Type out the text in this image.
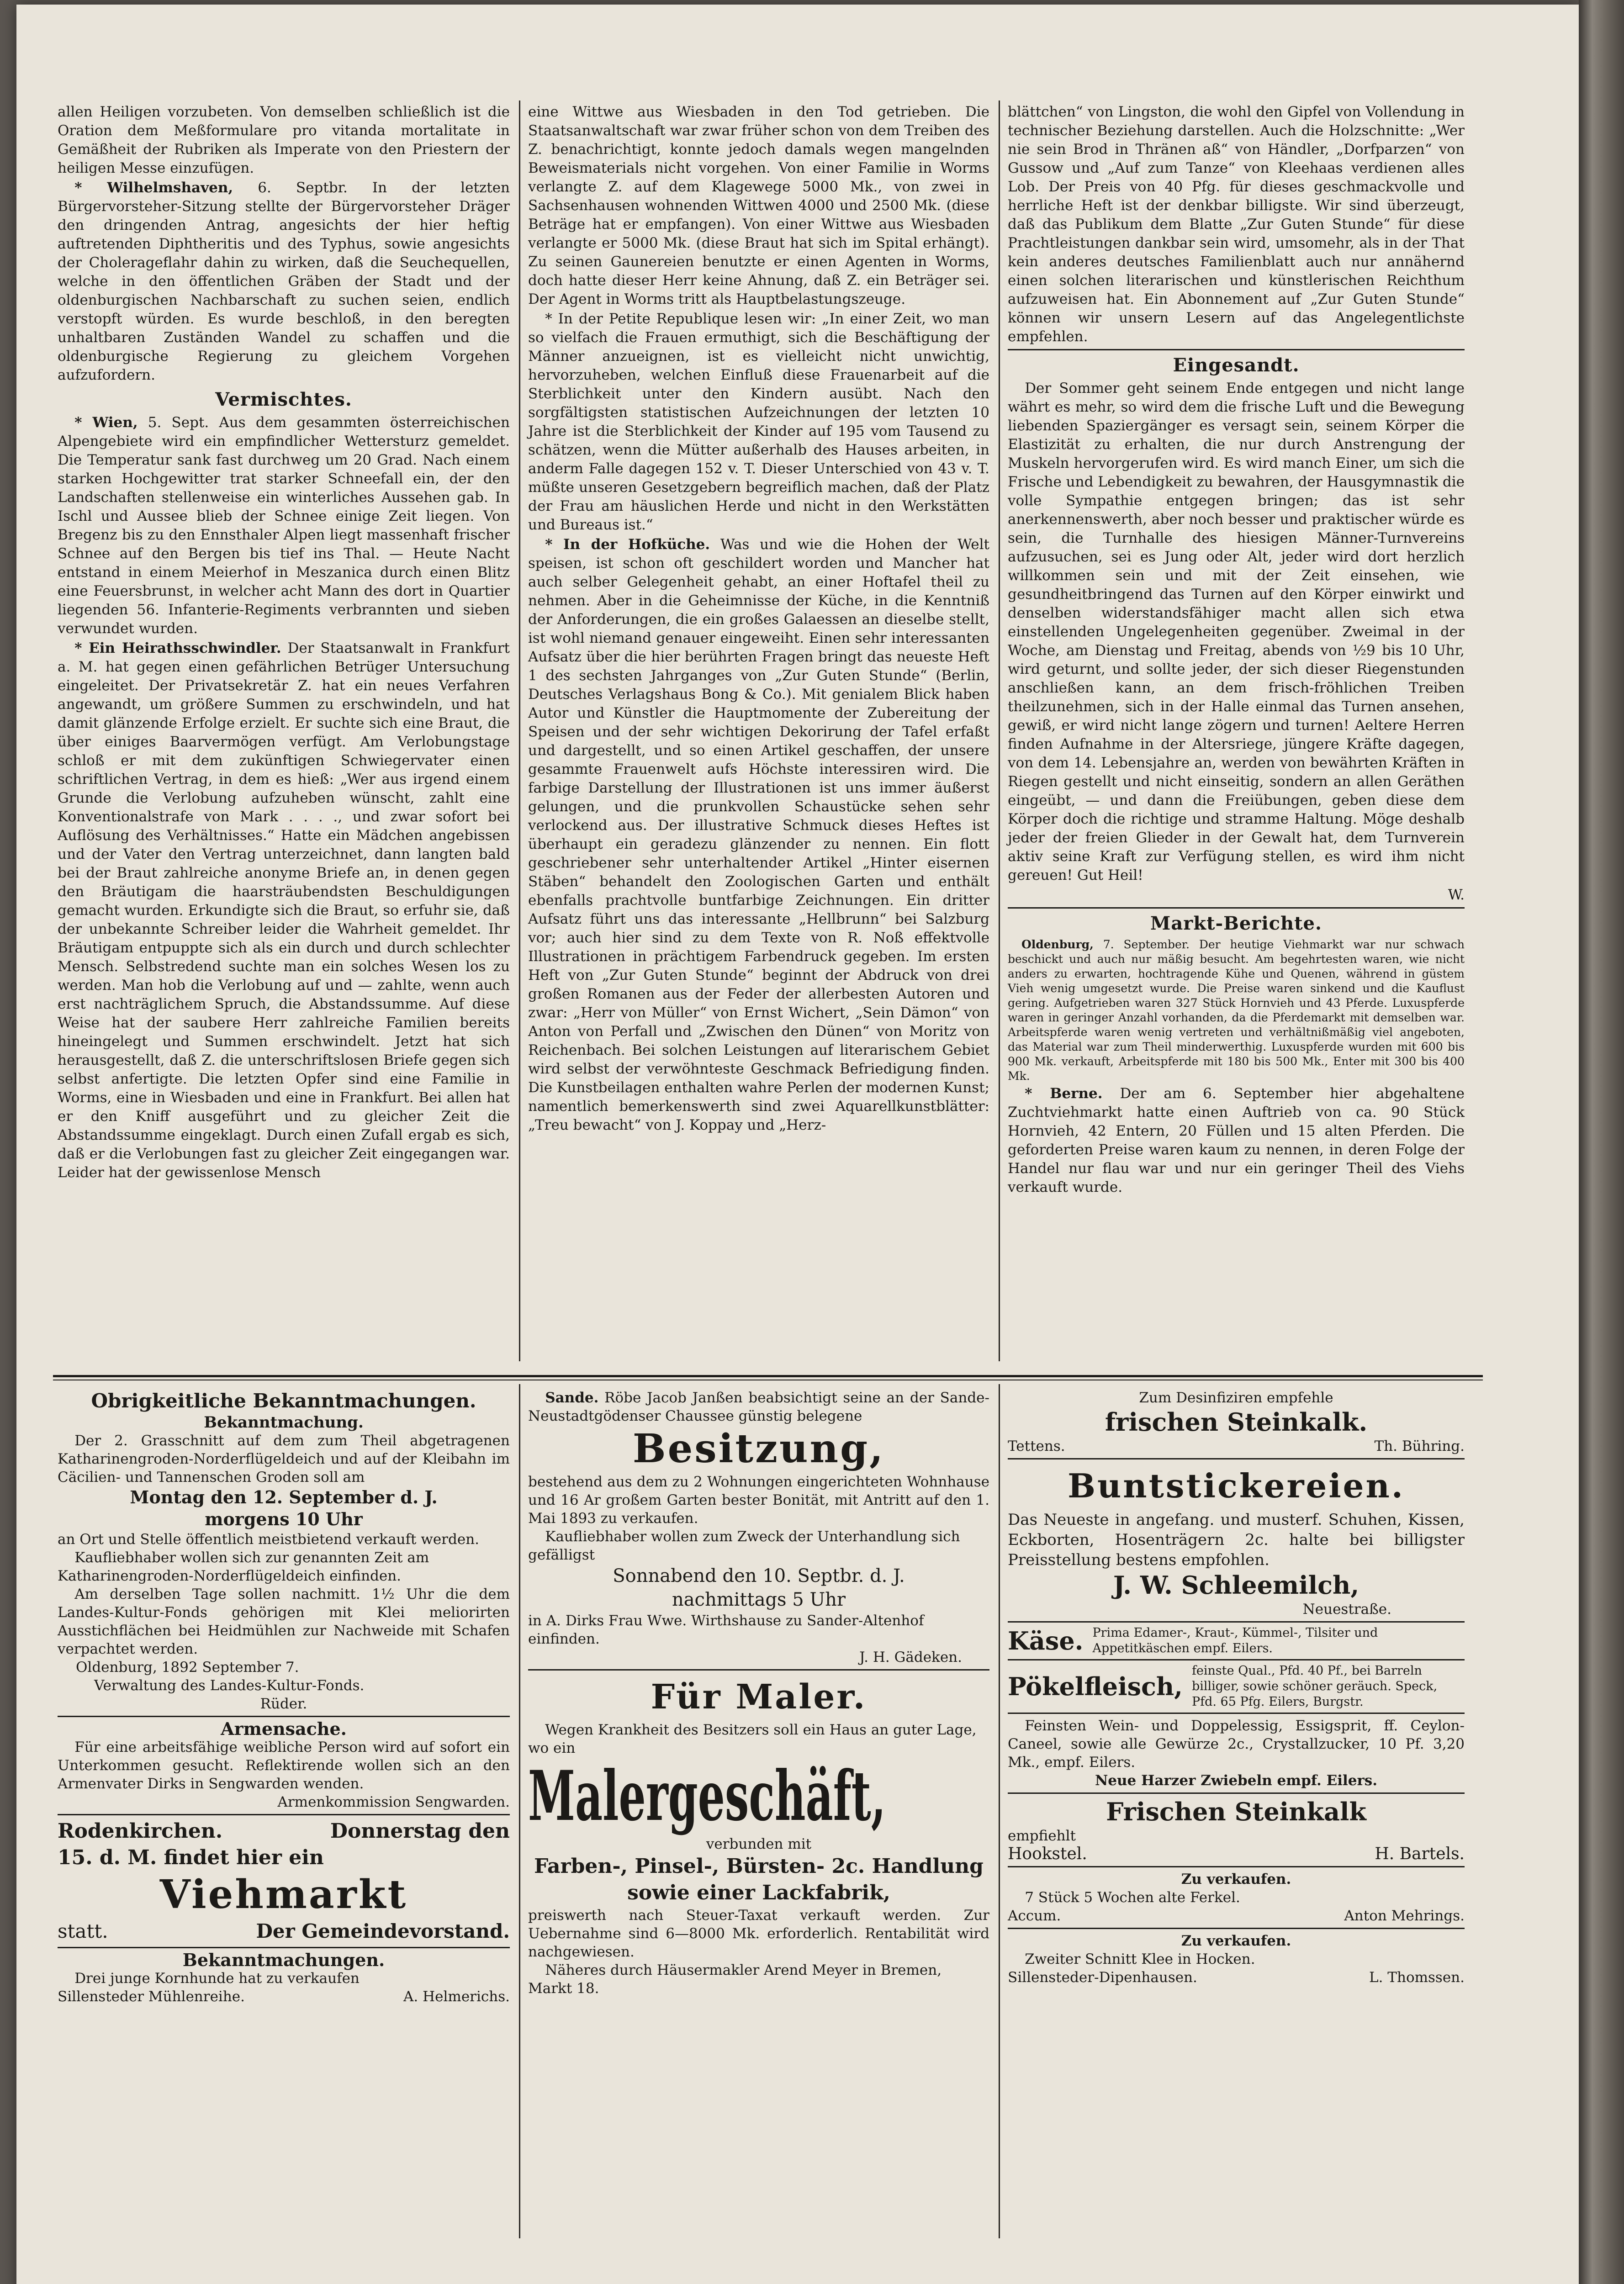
allen Heiligen vorzubeten. Von demselben schließlich ist die Oration dem Meßformulare pro vitanda mortalitate in Gemäßheit der Rubriken als Imperate von den Priestern der heiligen Messe einzufügen.

* Wilhelmshaven, 6. Septbr. In der letzten Bürgervorsteher-Sitzung stellte der Bürgervorsteher Dräger den dringenden Antrag, angesichts der hier heftig auftretenden Diphtheritis und des Typhus, sowie angesichts der Cholerageflahr dahin zu wirken, daß die Seuchequellen, welche in den öffentlichen Gräben der Stadt und der oldenburgischen Nachbarschaft zu suchen seien, endlich verstopft würden. Es wurde beschloß, in den beregten unhaltbaren Zuständen Wandel zu schaffen und die oldenburgische Regierung zu gleichem Vorgehen aufzufordern.

Vermischtes.

* Wien, 5. Sept. Aus dem gesammten österreichischen Alpengebiete wird ein empfindlicher Wettersturz gemeldet. Die Temperatur sank fast durchweg um 20 Grad. Nach einem starken Hochgewitter trat starker Schneefall ein, der den Landschaften stellenweise ein winterliches Aussehen gab. In Ischl und Aussee blieb der Schnee einige Zeit liegen. Von Bregenz bis zu den Ennsthaler Alpen liegt massenhaft frischer Schnee auf den Bergen bis tief ins Thal. — Heute Nacht entstand in einem Meierhof in Meszanica durch einen Blitz eine Feuersbrunst, in welcher acht Mann des dort in Quartier liegenden 56. Infanterie-Regiments verbrannten und sieben verwundet wurden.

* Ein Heirathsschwindler. Der Staatsanwalt in Frankfurt a. M. hat gegen einen gefährlichen Betrüger Untersuchung eingeleitet. Der Privatsekretär Z. hat ein neues Verfahren angewandt, um größere Summen zu erschwindeln, und hat damit glänzende Erfolge erzielt. Er suchte sich eine Braut, die über einiges Baarvermögen verfügt. Am Verlobungstage schloß er mit dem zukünftigen Schwiegervater einen schriftlichen Vertrag, in dem es hieß: „Wer aus irgend einem Grunde die Verlobung aufzuheben wünscht, zahlt eine Konventionalstrafe von Mark . . . ., und zwar sofort bei Auflösung des Verhältnisses.“ Hatte ein Mädchen angebissen und der Vater den Vertrag unterzeichnet, dann langten bald bei der Braut zahlreiche anonyme Briefe an, in denen gegen den Bräutigam die haarsträubendsten Beschuldigungen gemacht wurden. Erkundigte sich die Braut, so erfuhr sie, daß der unbekannte Schreiber leider die Wahrheit gemeldet. Ihr Bräutigam entpuppte sich als ein durch und durch schlechter Mensch. Selbstredend suchte man ein solches Wesen los zu werden. Man hob die Verlobung auf und — zahlte, wenn auch erst nachträglichem Spruch, die Abstandssumme. Auf diese Weise hat der saubere Herr zahlreiche Familien bereits hineingelegt und Summen erschwindelt. Jetzt hat sich herausgestellt, daß Z. die unterschriftslosen Briefe gegen sich selbst anfertigte. Die letzten Opfer sind eine Familie in Worms, eine in Wiesbaden und eine in Frankfurt. Bei allen hat er den Kniff ausgeführt und zu gleicher Zeit die Abstandssumme eingeklagt. Durch einen Zufall ergab es sich, daß er die Verlobungen fast zu gleicher Zeit eingegangen war. Leider hat der gewissenlose Mensch

eine Wittwe aus Wiesbaden in den Tod getrieben. Die Staatsanwaltschaft war zwar früher schon von dem Treiben des Z. benachrichtigt, konnte jedoch damals wegen mangelnden Beweismaterials nicht vorgehen. Von einer Familie in Worms verlangte Z. auf dem Klagewege 5000 Mk., von zwei in Sachsenhausen wohnenden Wittwen 4000 und 2500 Mk. (diese Beträge hat er empfangen). Von einer Wittwe aus Wiesbaden verlangte er 5000 Mk. (diese Braut hat sich im Spital erhängt). Zu seinen Gaunereien benutzte er einen Agenten in Worms, doch hatte dieser Herr keine Ahnung, daß Z. ein Beträger sei. Der Agent in Worms tritt als Hauptbelastungszeuge.

* In der Petite Republique lesen wir: „In einer Zeit, wo man so vielfach die Frauen ermuthigt, sich die Beschäftigung der Männer anzueignen, ist es vielleicht nicht unwichtig, hervorzuheben, welchen Einfluß diese Frauenarbeit auf die Sterblichkeit unter den Kindern ausübt. Nach den sorgfältigsten statistischen Aufzeichnungen der letzten 10 Jahre ist die Sterblichkeit der Kinder auf 195 vom Tausend zu schätzen, wenn die Mütter außerhalb des Hauses arbeiten, in anderm Falle dagegen 152 v. T. Dieser Unterschied von 43 v. T. müßte unseren Gesetzgebern begreiflich machen, daß der Platz der Frau am häuslichen Herde und nicht in den Werkstätten und Bureaus ist.“

* In der Hofküche. Was und wie die Hohen der Welt speisen, ist schon oft geschildert worden und Mancher hat auch selber Gelegenheit gehabt, an einer Hoftafel theil zu nehmen. Aber in die Geheimnisse der Küche, in die Kenntniß der Anforderungen, die ein großes Galaessen an dieselbe stellt, ist wohl niemand genauer eingeweiht. Einen sehr interessanten Aufsatz über die hier berührten Fragen bringt das neueste Heft 1 des sechsten Jahrganges von „Zur Guten Stunde“ (Berlin, Deutsches Verlagshaus Bong & Co.). Mit genialem Blick haben Autor und Künstler die Hauptmomente der Zubereitung der Speisen und der sehr wichtigen Dekorirung der Tafel erfaßt und dargestellt, und so einen Artikel geschaffen, der unsere gesammte Frauenwelt aufs Höchste interessiren wird. Die farbige Darstellung der Illustrationen ist uns immer äußerst gelungen, und die prunkvollen Schaustücke sehen sehr verlockend aus. Der illustrative Schmuck dieses Heftes ist überhaupt ein geradezu glänzender zu nennen. Ein flott geschriebener sehr unterhaltender Artikel „Hinter eisernen Stäben“ behandelt den Zoologischen Garten und enthält ebenfalls prachtvolle buntfarbige Zeichnungen. Ein dritter Aufsatz führt uns das interessante „Hellbrunn“ bei Salzburg vor; auch hier sind zu dem Texte von R. Noß effektvolle Illustrationen in prächtigem Farbendruck gegeben. Im ersten Heft von „Zur Guten Stunde“ beginnt der Abdruck von drei großen Romanen aus der Feder der allerbesten Autoren und zwar: „Herr von Müller“ von Ernst Wichert, „Sein Dämon“ von Anton von Perfall und „Zwischen den Dünen“ von Moritz von Reichenbach. Bei solchen Leistungen auf literarischem Gebiet wird selbst der verwöhnteste Geschmack Befriedigung finden. Die Kunstbeilagen enthalten wahre Perlen der modernen Kunst; namentlich bemerkenswerth sind zwei Aquarellkunstblätter: „Treu bewacht“ von J. Koppay und „Herz-

blättchen“ von Lingston, die wohl den Gipfel von Vollendung in technischer Beziehung darstellen. Auch die Holzschnitte: „Wer nie sein Brod in Thränen aß“ von Händler, „Dorfparzen“ von Gussow und „Auf zum Tanze“ von Kleehaas verdienen alles Lob. Der Preis von 40 Pfg. für dieses geschmackvolle und herrliche Heft ist der denkbar billigste. Wir sind überzeugt, daß das Publikum dem Blatte „Zur Guten Stunde“ für diese Prachtleistungen dankbar sein wird, umsomehr, als in der That kein anderes deutsches Familienblatt auch nur annähernd einen solchen literarischen und künstlerischen Reichthum aufzuweisen hat. Ein Abonnement auf „Zur Guten Stunde“ können wir unsern Lesern auf das Angelegentlichste empfehlen.

Eingesandt.

Der Sommer geht seinem Ende entgegen und nicht lange währt es mehr, so wird dem die frische Luft und die Bewegung liebenden Spaziergänger es versagt sein, seinem Körper die Elastizität zu erhalten, die nur durch Anstrengung der Muskeln hervorgerufen wird. Es wird manch Einer, um sich die Frische und Lebendigkeit zu bewahren, der Hausgymnastik die volle Sympathie entgegen bringen; das ist sehr anerkennenswerth, aber noch besser und praktischer würde es sein, die Turnhalle des hiesigen Männer-Turnvereins aufzusuchen, sei es Jung oder Alt, jeder wird dort herzlich willkommen sein und mit der Zeit einsehen, wie gesundheitbringend das Turnen auf den Körper einwirkt und denselben widerstandsfähiger macht allen sich etwa einstellenden Ungelegenheiten gegenüber. Zweimal in der Woche, am Dienstag und Freitag, abends von ½9 bis 10 Uhr, wird geturnt, und sollte jeder, der sich dieser Riegenstunden anschließen kann, an dem frisch-fröhlichen Treiben theilzunehmen, sich in der Halle einmal das Turnen ansehen, gewiß, er wird nicht lange zögern und turnen! Aeltere Herren finden Aufnahme in der Altersriege, jüngere Kräfte dagegen, von dem 14. Lebensjahre an, werden von bewährten Kräften in Riegen gestellt und nicht einseitig, sondern an allen Geräthen eingeübt, — und dann die Freiübungen, geben diese dem Körper doch die richtige und stramme Haltung. Möge deshalb jeder der freien Glieder in der Gewalt hat, dem Turnverein aktiv seine Kraft zur Verfügung stellen, es wird ihm nicht gereuen! Gut Heil!

W.
Markt-Berichte.

Oldenburg, 7. September. Der heutige Viehmarkt war nur schwach beschickt und auch nur mäßig besucht. Am begehrtesten waren, wie nicht anders zu erwarten, hochtragende Kühe und Quenen, während in güstem Vieh wenig umgesetzt wurde. Die Preise waren sinkend und die Kauflust gering. Aufgetrieben waren 327 Stück Hornvieh und 43 Pferde. Luxuspferde waren in geringer Anzahl vorhanden, da die Pferdemarkt mit demselben war. Arbeitspferde waren wenig vertreten und verhältnißmäßig viel angeboten, das Material war zum Theil minderwerthig. Luxuspferde wurden mit 600 bis 900 Mk. verkauft, Arbeitspferde mit 180 bis 500 Mk., Enter mit 300 bis 400 Mk.

* Berne. Der am 6. September hier abgehaltene Zuchtviehmarkt hatte einen Auftrieb von ca. 90 Stück Hornvieh, 42 Entern, 20 Füllen und 15 alten Pferden. Die geforderten Preise waren kaum zu nennen, in deren Folge der Handel nur flau war und nur ein geringer Theil des Viehs verkauft wurde.

Obrigkeitliche Bekanntmachungen.
Bekanntmachung.
Der 2. Grasschnitt auf dem zum Theil abgetragenen Katharinengroden-Norderflügeldeich und auf der Kleibahn im Cäcilien- und Tannenschen Groden soll am
Montag den 12. September d. J.
morgens 10 Uhr
an Ort und Stelle öffentlich meistbietend verkauft werden.
Kaufliebhaber wollen sich zur genannten Zeit am Katharinengroden-Norderflügeldeich einfinden.
Am derselben Tage sollen nachmitt. 1½ Uhr die dem Landes-Kultur-Fonds gehörigen mit Klei meliorirten Ausstichflächen bei Heidmühlen zur Nachweide mit Schafen verpachtet werden.
Oldenburg, 1892 September 7.
Verwaltung des Landes-Kultur-Fonds.
Rüder.
Armensache.
Für eine arbeitsfähige weibliche Person wird auf sofort ein Unterkommen gesucht. Reflektirende wollen sich an den Armenvater Dirks in Sengwarden wenden.
Armenkommission Sengwarden.
Rodenkirchen.	Donnerstag den
15. d. M. findet hier ein
Viehmarkt
statt.	Der Gemeindevorstand.
Bekanntmachungen.
Drei junge Kornhunde hat zu verkaufen
Sillensteder Mühlenreihe.	A. Helmerichs.
Sande. Röbe Jacob Janßen beabsichtigt seine an der Sande-Neustadtgödenser Chaussee günstig belegene
Besitzung,
bestehend aus dem zu 2 Wohnungen eingerichteten Wohnhause und 16 Ar großem Garten bester Bonität, mit Antritt auf den 1. Mai 1893 zu verkaufen.
Kaufliebhaber wollen zum Zweck der Unterhandlung sich gefälligst
Sonnabend den 10. Septbr. d. J.
nachmittags 5 Uhr
in A. Dirks Frau Wwe. Wirthshause zu Sander-Altenhof einfinden.
J. H. Gädeken.
Für Maler.
Wegen Krankheit des Besitzers soll ein Haus an guter Lage, wo ein
Malergeschäft,
verbunden mit
Farben-, Pinsel-, Bürsten- 2c. Handlung
sowie einer Lackfabrik,
preiswerth nach Steuer-Taxat verkauft werden. Zur Uebernahme sind 6—8000 Mk. erforderlich. Rentabilität wird nachgewiesen.
Näheres durch Häusermakler Arend Meyer in Bremen, Markt 18.
Zum Desinfiziren empfehle
frischen Steinkalk.
Tettens.	Th. Bühring.
Buntstickereien.
Das Neueste in angefang. und musterf. Schuhen, Kissen, Eckborten, Hosenträgern 2c. halte bei billigster Preisstellung bestens empfohlen.
J. W. Schleemilch,
Neuestraße.
Käse. Prima Edamer-, Kraut-, Kümmel-, Tilsiter und Appetitkäschen empf. Eilers.
Pökelfleisch,
feinste Qual., Pfd. 40 Pf., bei Barreln billiger, sowie schöner geräuch. Speck, Pfd. 65 Pfg. Eilers, Burgstr.
Feinsten Wein- und Doppelessig, Essigsprit, ff. Ceylon-Caneel, sowie alle Gewürze 2c., Crystallzucker, 10 Pf. 3,20 Mk., empf. Eilers.
Neue Harzer Zwiebeln empf. Eilers.
Frischen Steinkalk
empfiehlt
Hookstel.	H. Bartels.
Zu verkaufen.
7 Stück 5 Wochen alte Ferkel.
Accum.	Anton Mehrings.
Zu verkaufen.
Zweiter Schnitt Klee in Hocken.
Sillensteder-Dipenhausen.	L. Thomssen.
